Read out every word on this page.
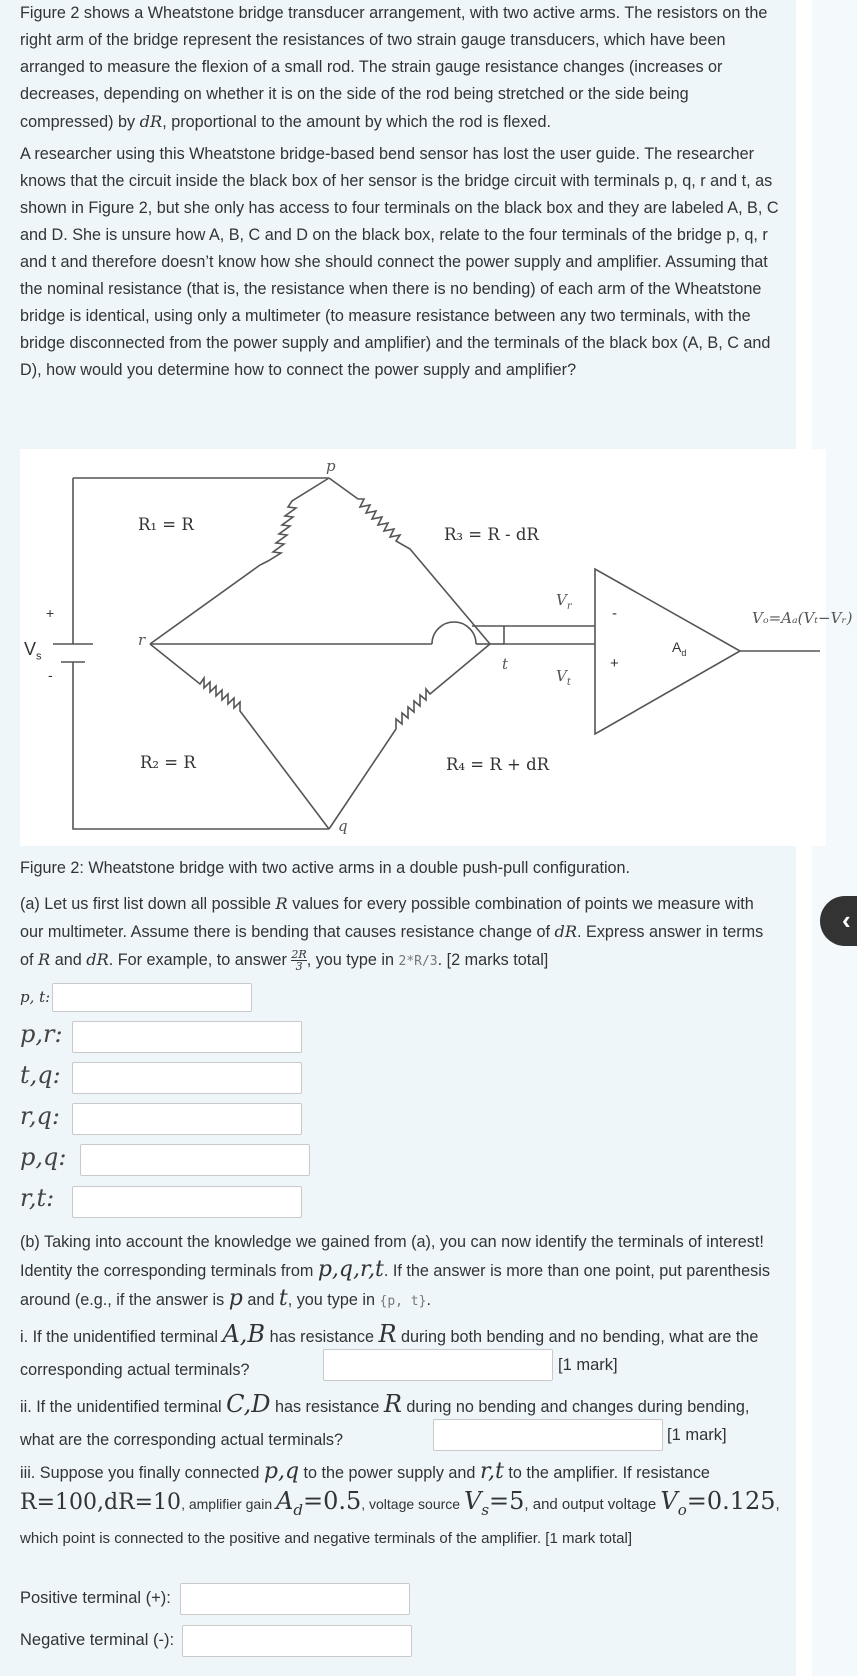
Figure 2 shows a Wheatstone bridge transducer arrangement, with two active arms. The resistors on the right arm of the bridge represent the resistances of two strain gauge transducers, which have been arranged to measure the flexion of a small rod. The strain gauge resistance changes (increases or decreases, depending on whether it is on the side of the rod being stretched or the side being compressed) by dR, proportional to the amount by which the rod is flexed.

A researcher using this Wheatstone bridge-based bend sensor has lost the user guide. The researcher knows that the circuit inside the black box of her sensor is the bridge circuit with terminals p, q, r and t, as shown in Figure 2, but she only has access to four terminals on the black box and they are labeled A, B, C and D. She is unsure how A, B, C and D on the black box, relate to the four terminals of the bridge p, q, r and t and therefore doesn’t know how she should connect the power supply and amplifier. Assuming that the nominal resistance (that is, the resistance when there is no bending) of each arm of the Wheatstone bridge is identical, using only a multimeter (to measure resistance between any two terminals, with the bridge disconnected from the power supply and amplifier) and the terminals of the black box (A, B, C and D), how would you determine how to connect the power supply and amplifier?

p
q
r
t
R₁ = R
R₂ = R
R₃ = R - dR
R₄ = R + dR
+
-
$V_s$
$V_r$
$V_t$
-
+
$A_d$
Vₒ=Aₐ(Vₜ−Vᵣ)

Figure 2: Wheatstone bridge with two active arms in a double push-pull configuration.

(a) Let us first list down all possible R values for every possible combination of points we measure with our multimeter. Assume there is bending that causes resistance change of dR. Express answer in terms of R and dR. For example, to answer $\frac{2R}{3}$ , you type in 2*R/3. [2 marks total]

p, t:
p,r:
t,q:
r,q:
p,q:
r,t:

(b) Taking into account the knowledge we gained from (a), you can now identify the terminals of interest! Identity the corresponding terminals from p,q,r,t. If the answer is more than one point, put parenthesis around (e.g., if the answer is p and t, you type in {p, t}.

i. If the unidentified terminal A,B has resistance R during both bending and no bending, what are the corresponding actual terminals?	[1 mark]

ii. If the unidentified terminal C,D has resistance R during no bending and changes during bending, what are the corresponding actual terminals?	[1 mark]

iii. Suppose you finally connected p,q to the power supply and r,t to the amplifier. If resistance R=100,dR=10, amplifier gain $A_d=0.5$, voltage source $V_s=5$, and output voltage $V_o=0.125$, which point is connected to the positive and negative terminals of the amplifier. [1 mark total]

Positive terminal (+):
Negative terminal (-):
‹
